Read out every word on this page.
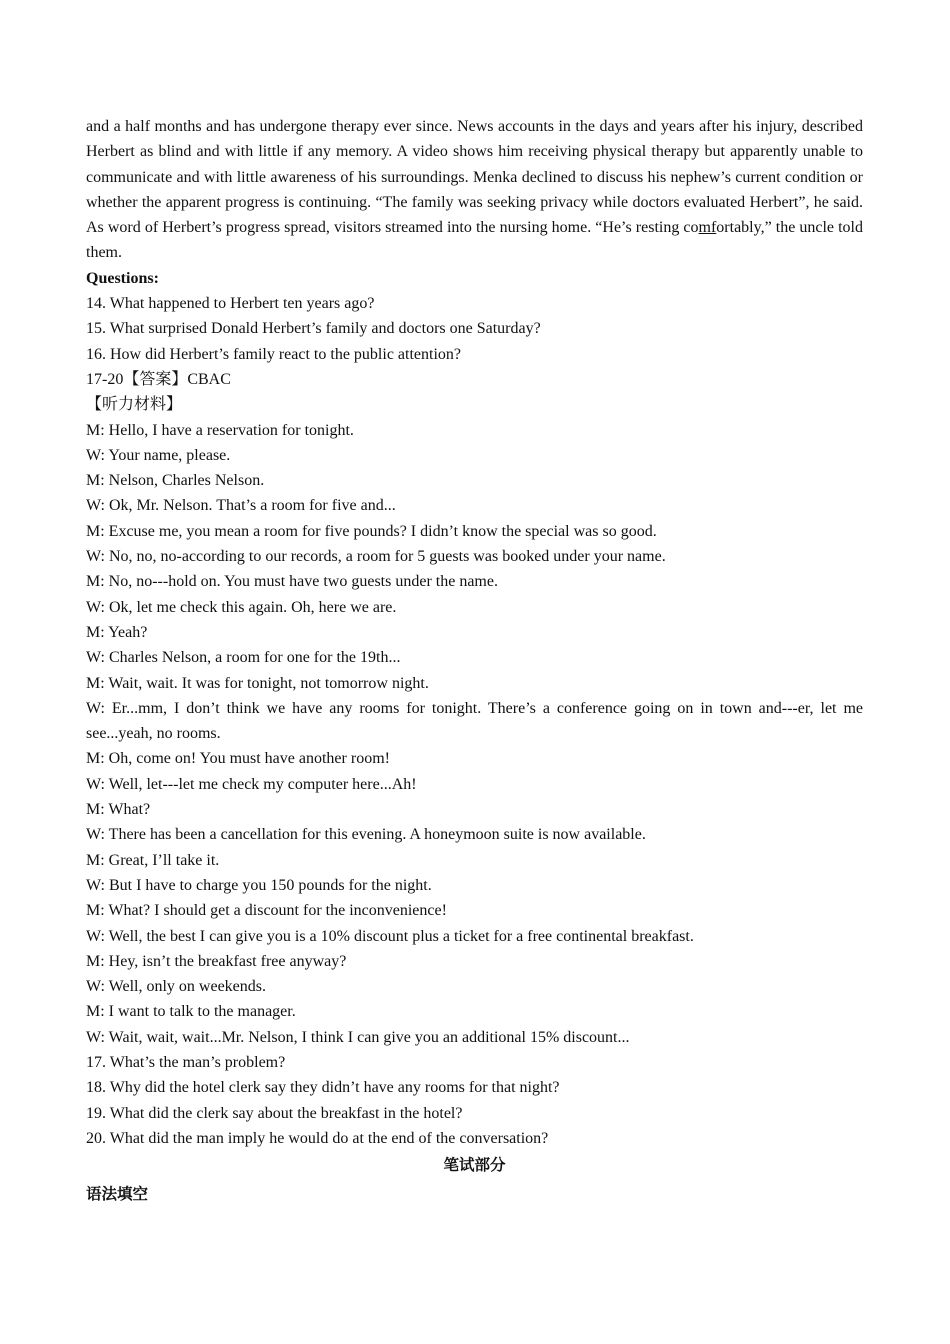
and a half months and has undergone therapy ever since. News accounts in the days and years after his injury, described Herbert as blind and with little if any memory. A video shows him receiving physical therapy but apparently unable to communicate and with little awareness of his surroundings. Menka declined to discuss his nephew’s current condition or whether the apparent progress is continuing. “The family was seeking privacy while doctors evaluated Herbert”, he said. As word of Herbert’s progress spread, visitors streamed into the nursing home. “He’s resting comfortably,” the uncle told them.

Questions:

14. What happened to Herbert ten years ago?

15. What surprised Donald Herbert’s family and doctors one Saturday?

16. How did Herbert’s family react to the public attention?

17-20【答案】CBAC

【听力材料】

M: Hello, I have a reservation for tonight.

W: Your name, please.

M: Nelson, Charles Nelson.

W: Ok, Mr. Nelson. That’s a room for five and...

M: Excuse me, you mean a room for five pounds? I didn’t know the special was so good.

W: No, no, no-according to our records, a room for 5 guests was booked under your name.

M: No, no---hold on. You must have two guests under the name.

W: Ok, let me check this again. Oh, here we are.

M: Yeah?

W: Charles Nelson, a room for one for the 19th...

M: Wait, wait. It was for tonight, not tomorrow night.

W: Er...mm, I don’t think we have any rooms for tonight. There’s a conference going on in town and---er, let me see...yeah, no rooms.

M: Oh, come on! You must have another room!

W: Well, let---let me check my computer here...Ah!

M: What?

W: There has been a cancellation for this evening. A honeymoon suite is now available.

M: Great, I’ll take it.

W: But I have to charge you 150 pounds for the night.

M: What? I should get a discount for the inconvenience!

W: Well, the best I can give you is a 10% discount plus a ticket for a free continental breakfast.

M: Hey, isn’t the breakfast free anyway?

W: Well, only on weekends.

M: I want to talk to the manager.

W: Wait, wait, wait...Mr. Nelson, I think I can give you an additional 15% discount...

17. What’s the man’s problem?

18. Why did the hotel clerk say they didn’t have any rooms for that night?

19. What did the clerk say about the breakfast in the hotel?

20. What did the man imply he would do at the end of the conversation?

笔试部分

语法填空
